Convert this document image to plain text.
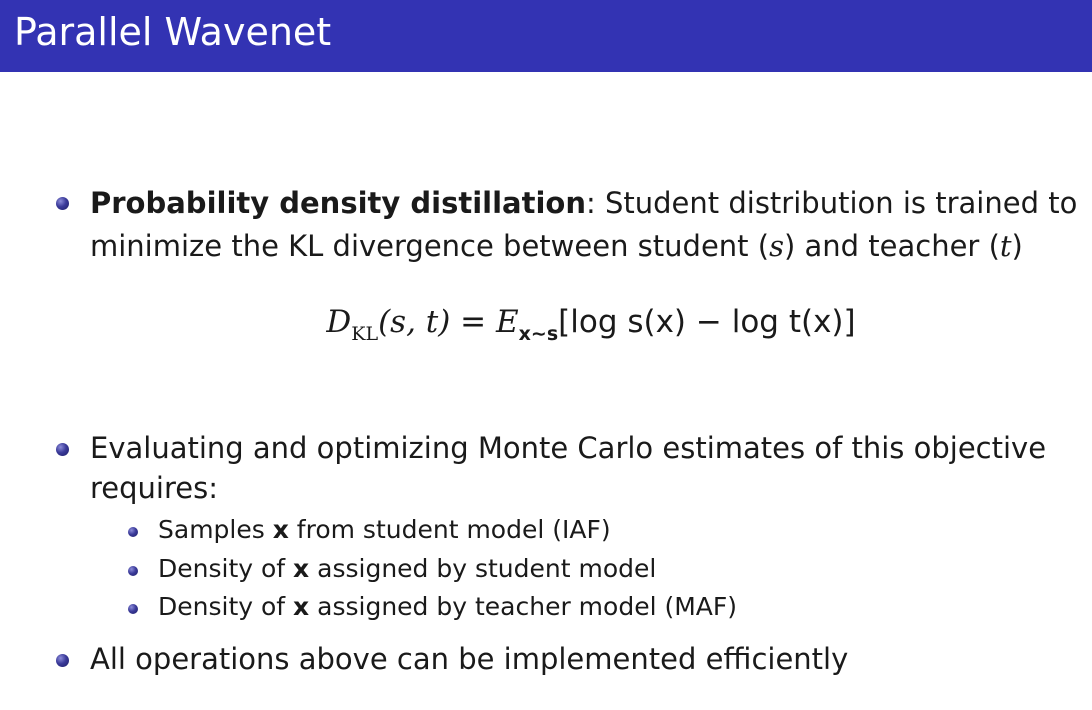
Parallel Wavenet
Probability density distillation: Student distribution is trained to
minimize the KL divergence between student (s) and teacher (t)
$D_{KL}(s$, $t) = E_{x\sim s}[\log$ s(x) − log t(x)]
Evaluating and optimizing Monte Carlo estimates of this objective
requires:
Samples x from student model (IAF)
Density of x assigned by student model
Density of x assigned by teacher model (MAF)
All operations above can be implemented efficiently
